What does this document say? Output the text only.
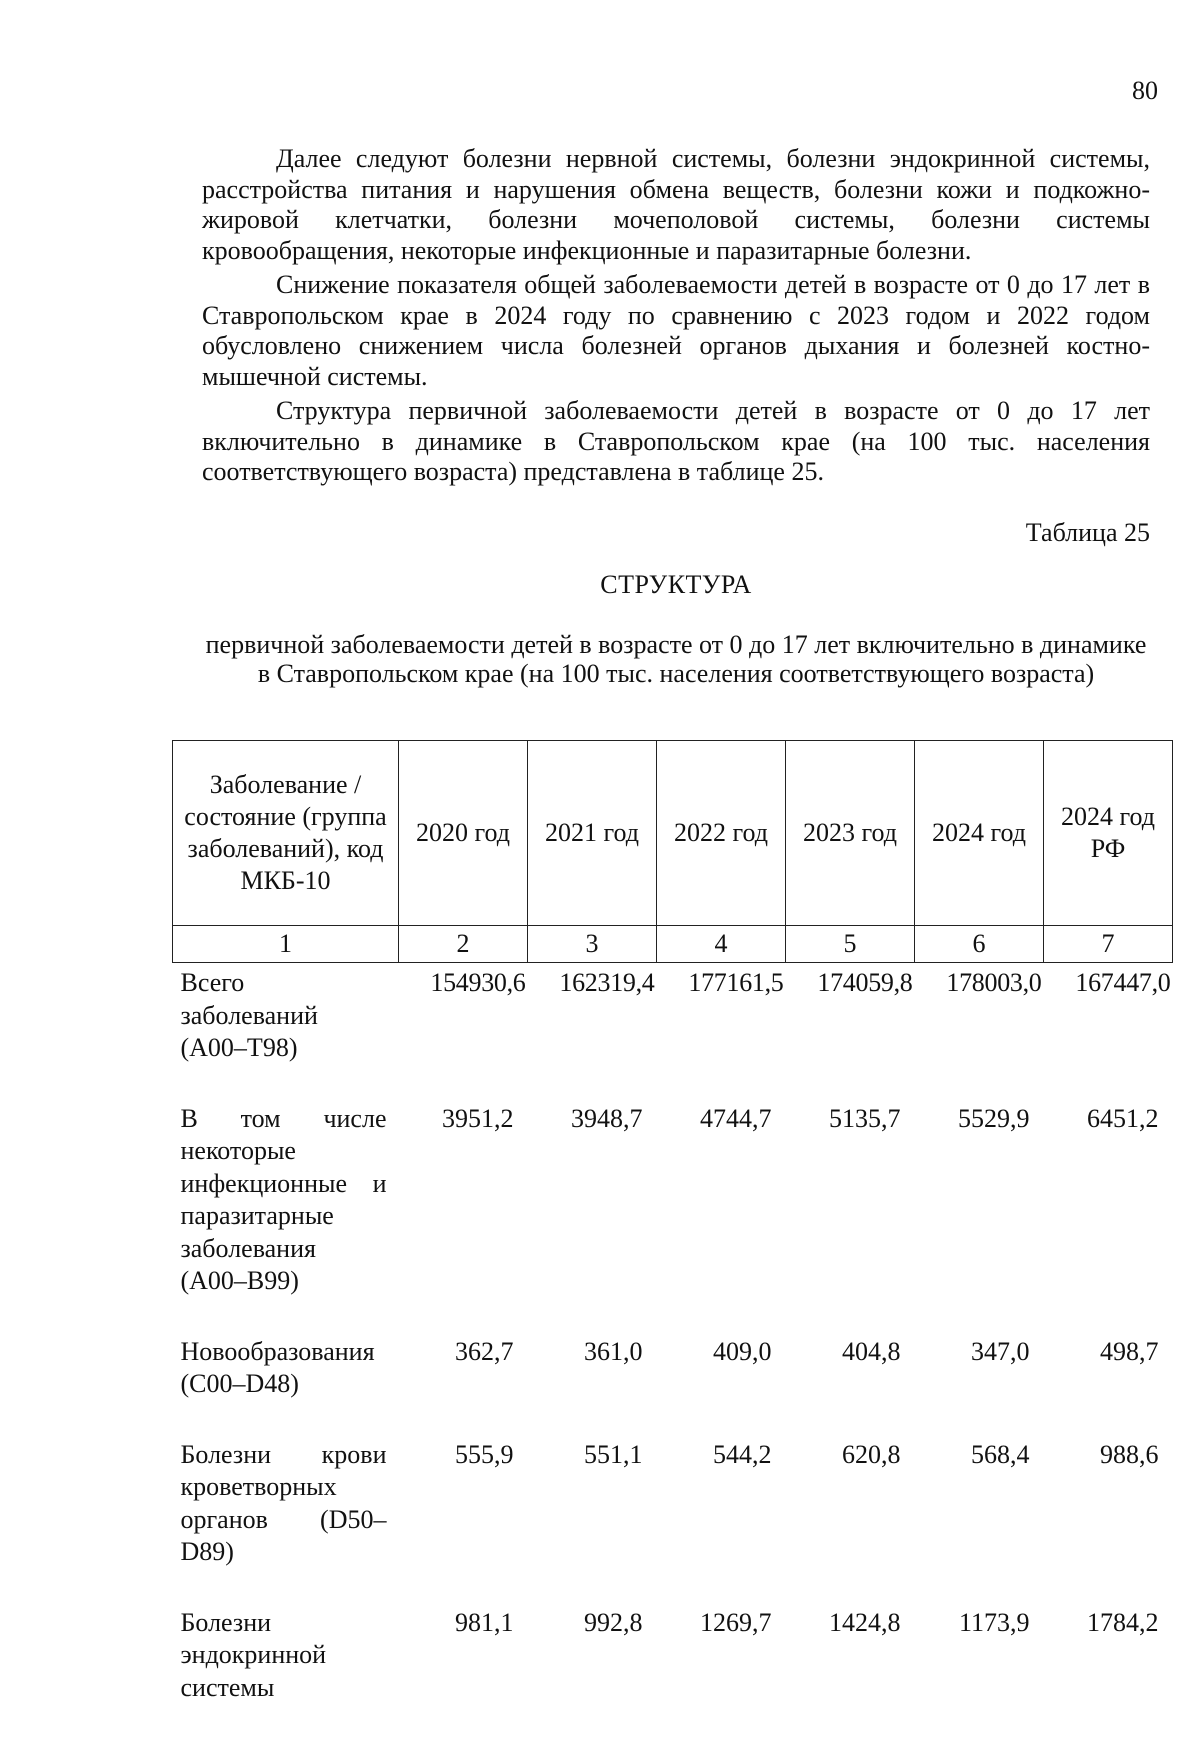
80

Далее следуют болезни нервной системы, болезни эндокринной системы, расстройства питания и нарушения обмена веществ, болезни кожи и подкожно-жировой клетчатки, болезни мочеполовой системы, болезни системы кровообращения, некоторые инфекционные и паразитарные болезни.

Снижение показателя общей заболеваемости детей в возрасте от 0 до 17 лет в Ставропольском крае в 2024 году по сравнению с 2023 годом и 2022 годом обусловлено снижением числа болезней органов дыхания и болезней костно-мышечной системы.

Структура первичной заболеваемости детей в возрасте от 0 до 17 лет включительно в динамике в Ставропольском крае (на 100 тыс. населения соответствующего возраста) представлена в таблице 25.

Таблица 25
СТРУКТУРА
первичной заболеваемости детей в возрасте от 0 до 17 лет включительно в динамике в Ставропольском крае (на 100 тыс. населения соответствующего возраста)
Заболевание / состояние (группа заболеваний), код МКБ-10	2020 год	2021 год	2022 год	2023 год	2024 год	2024 год РФ
1	2	3	4	5	6	7
Всего заболеваний (A00–T98)	154930,6	162319,4	177161,5	174059,8	178003,0	167447,0
В том числе некоторые инфекционные и паразитарные заболевания (A00–B99)	3951,2	3948,7	4744,7	5135,7	5529,9	6451,2
Новообразования (C00–D48)	362,7	361,0	409,0	404,8	347,0	498,7
Болезни крови кроветворных органов (D50–D89)	555,9	551,1	544,2	620,8	568,4	988,6
Болезни эндокринной системы	981,1	992,8	1269,7	1424,8	1173,9	1784,2
